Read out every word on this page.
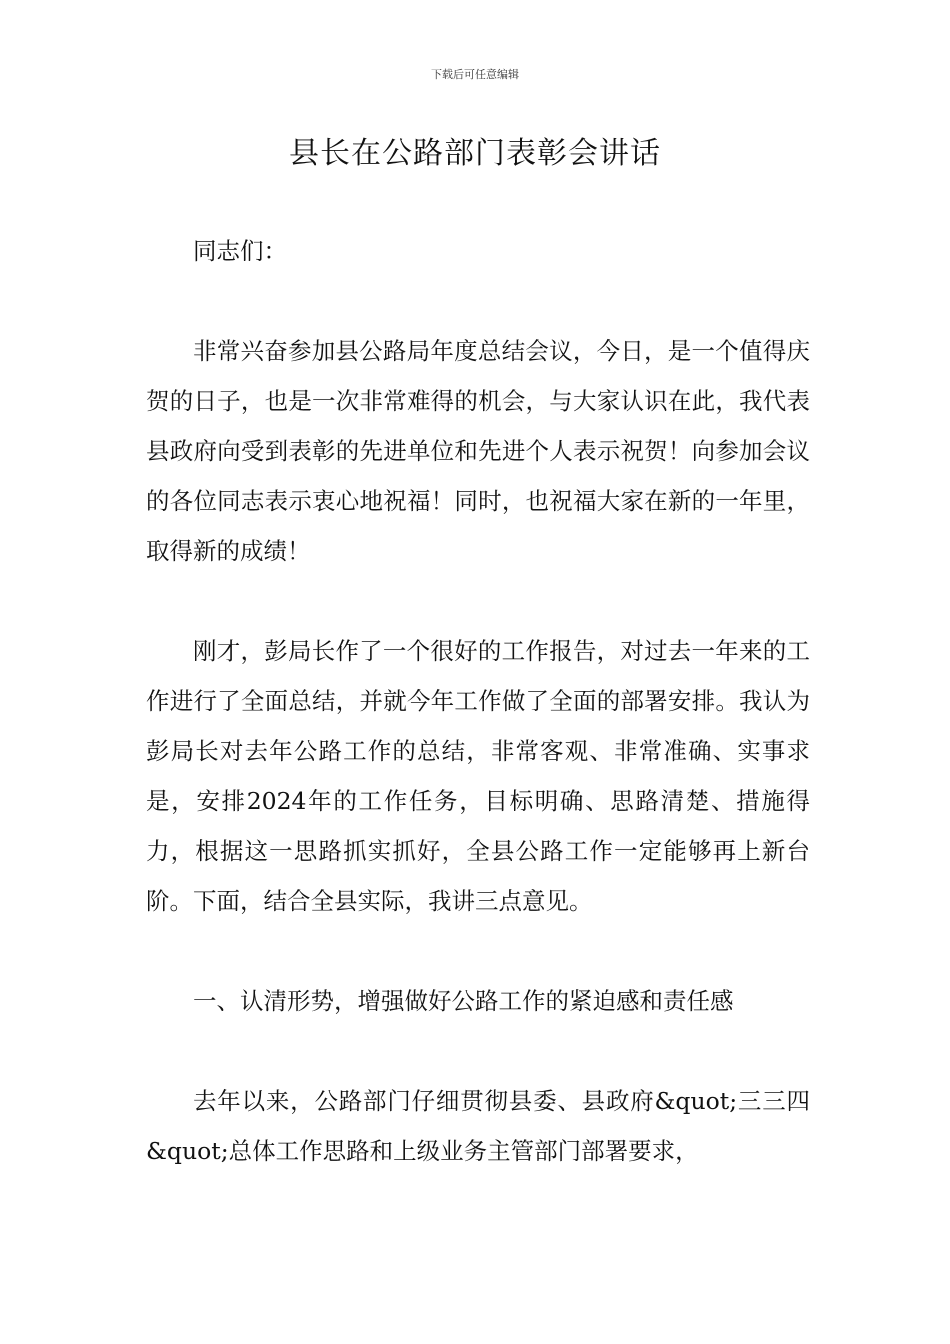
下载后可任意编辑
县长在公路部门表彰会讲话

同志们：

非常兴奋参加县公路局年度总结会议，今日，是一个值得庆贺的日子，也是一次非常难得的机会，与大家认识在此，我代表县政府向受到表彰的先进单位和先进个人表示祝贺！向参加会议的各位同志表示衷心地祝福！同时，也祝福大家在新的一年里，取得新的成绩！

刚才，彭局长作了一个很好的工作报告，对过去一年来的工作进行了全面总结，并就今年工作做了全面的部署安排。我认为彭局长对去年公路工作的总结，非常客观、非常准确、实事求是，安排2024年的工作任务，目标明确、思路清楚、措施得力，根据这一思路抓实抓好，全县公路工作一定能够再上新台阶。下面，结合全县实际，我讲三点意见。

一、认清形势，增强做好公路工作的紧迫感和责任感

去年以来，公路部门仔细贯彻县委、县政府&quot;三三四&quot;总体工作思路和上级业务主管部门部署要求，
